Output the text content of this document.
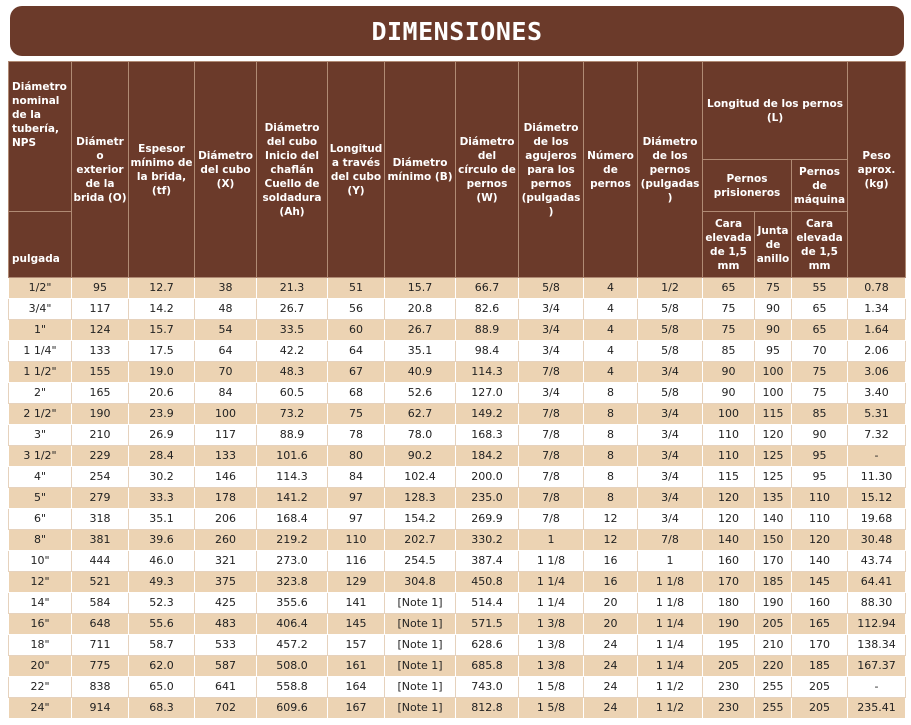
DIMENSIONES
Diámetro nominal de la tubería, NPS	Diámetro exterior de la brida (O)	Espesor mínimo de la brida, (tf)	Diámetro del cubo (X)	Diámetro del cubo Inicio del chaflán Cuello de soldadura (Ah)	Longitud a través del cubo (Y)	Diámetro mínimo (B)	Diámetro del círculo de pernos (W)	Diámetro de los agujeros para los pernos (pulgadas)	Número de pernos	Diámetro de los pernos (pulgadas)	Longitud de los pernos (L)			Peso aprox. (kg)
											Pernos prisioneros		Pernos de máquina	
pulgada											Cara elevada de 1,5 mm	Junta de anillo	Cara elevada de 1,5 mm	
1/2"	95	12.7	38	21.3	51	15.7	66.7	5/8	4	1/2	65	75	55	0.78
3/4"	117	14.2	48	26.7	56	20.8	82.6	3/4	4	5/8	75	90	65	1.34
1"	124	15.7	54	33.5	60	26.7	88.9	3/4	4	5/8	75	90	65	1.64
1 1/4"	133	17.5	64	42.2	64	35.1	98.4	3/4	4	5/8	85	95	70	2.06
1 1/2"	155	19.0	70	48.3	67	40.9	114.3	7/8	4	3/4	90	100	75	3.06
2"	165	20.6	84	60.5	68	52.6	127.0	3/4	8	5/8	90	100	75	3.40
2 1/2"	190	23.9	100	73.2	75	62.7	149.2	7/8	8	3/4	100	115	85	5.31
3"	210	26.9	117	88.9	78	78.0	168.3	7/8	8	3/4	110	120	90	7.32
3 1/2"	229	28.4	133	101.6	80	90.2	184.2	7/8	8	3/4	110	125	95	-
4"	254	30.2	146	114.3	84	102.4	200.0	7/8	8	3/4	115	125	95	11.30
5"	279	33.3	178	141.2	97	128.3	235.0	7/8	8	3/4	120	135	110	15.12
6"	318	35.1	206	168.4	97	154.2	269.9	7/8	12	3/4	120	140	110	19.68
8"	381	39.6	260	219.2	110	202.7	330.2	1	12	7/8	140	150	120	30.48
10"	444	46.0	321	273.0	116	254.5	387.4	1 1/8	16	1	160	170	140	43.74
12"	521	49.3	375	323.8	129	304.8	450.8	1 1/4	16	1 1/8	170	185	145	64.41
14"	584	52.3	425	355.6	141	[Note 1]	514.4	1 1/4	20	1 1/8	180	190	160	88.30
16"	648	55.6	483	406.4	145	[Note 1]	571.5	1 3/8	20	1 1/4	190	205	165	112.94
18"	711	58.7	533	457.2	157	[Note 1]	628.6	1 3/8	24	1 1/4	195	210	170	138.34
20"	775	62.0	587	508.0	161	[Note 1]	685.8	1 3/8	24	1 1/4	205	220	185	167.37
22"	838	65.0	641	558.8	164	[Note 1]	743.0	1 5/8	24	1 1/2	230	255	205	-
24"	914	68.3	702	609.6	167	[Note 1]	812.8	1 5/8	24	1 1/2	230	255	205	235.41
